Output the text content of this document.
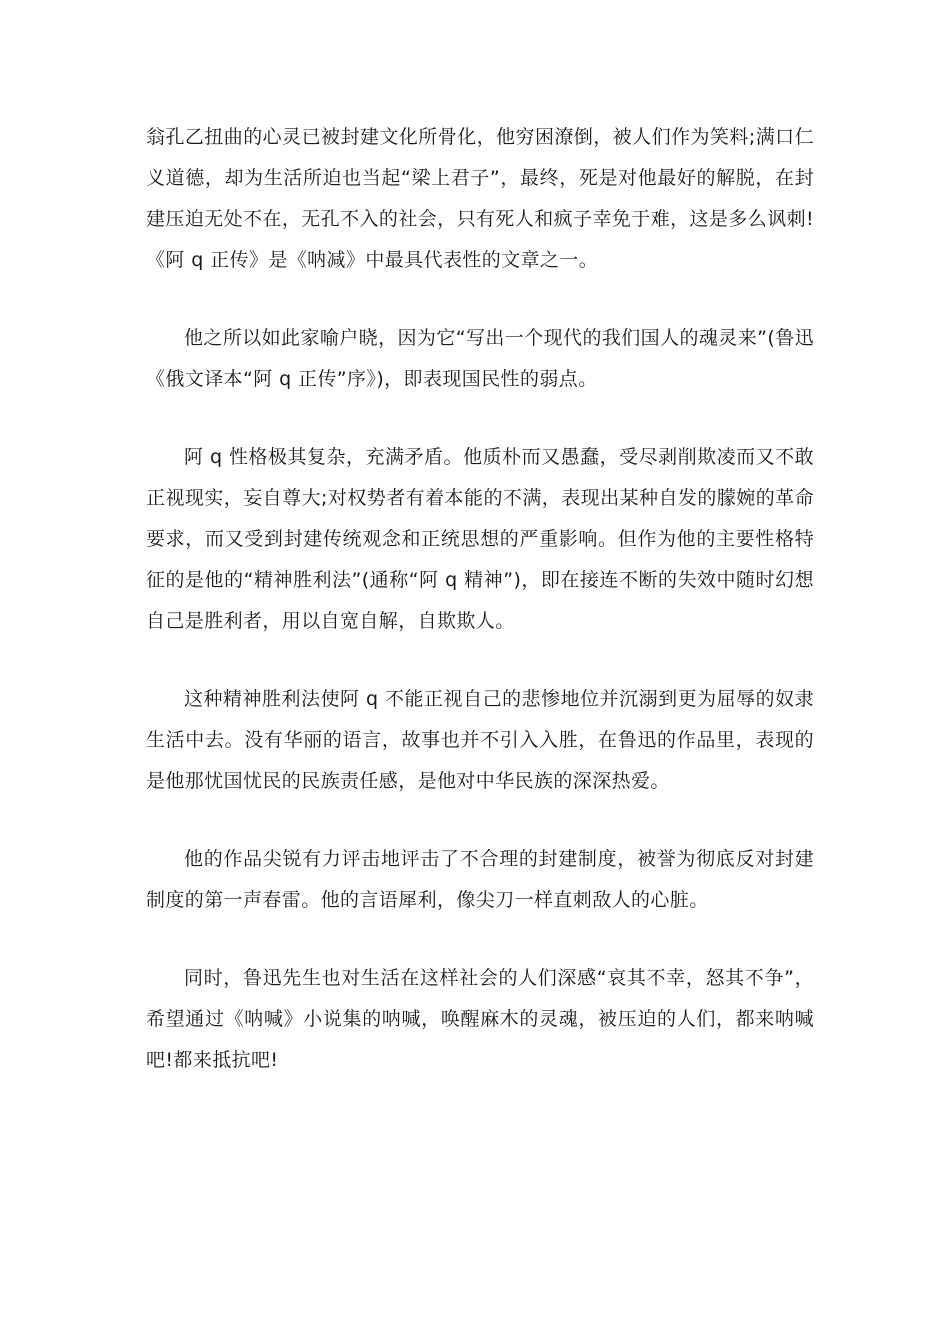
翁孔乙扭曲的心灵已被封建文化所骨化，他穷困潦倒，被人们作为笑料;满口仁义道德，却为生活所迫也当起“梁上君子”，最终，死是对他最好的解脱，在封建压迫无处不在，无孔不入的社会，只有死人和疯子幸免于难，这是多么讽刺!《阿 q 正传》是《呐减》中最具代表性的文章之一。

他之所以如此家喻户晓，因为它“写出一个现代的我们国人的魂灵来”(鲁迅《俄文译本“阿 q 正传”序》)，即表现国民性的弱点。

阿 q 性格极其复杂，充满矛盾。他质朴而又愚蠢，受尽剥削欺凌而又不敢正视现实，妄自尊大;对权势者有着本能的不满，表现出某种自发的朦婉的革命要求，而又受到封建传统观念和正统思想的严重影响。但作为他的主要性格特征的是他的“精神胜利法”(通称“阿 q 精神”)，即在接连不断的失效中随时幻想自己是胜利者，用以自宽自解，自欺欺人。

这种精神胜利法使阿 q 不能正视自己的悲惨地位并沉溺到更为屈辱的奴隶生活中去。没有华丽的语言，故事也并不引入入胜，在鲁迅的作品里，表现的是他那忧国忧民的民族责任感，是他对中华民族的深深热爱。

他的作品尖锐有力评击地评击了不合理的封建制度，被誉为彻底反对封建制度的第一声春雷。他的言语犀利，像尖刀一样直刺敌人的心脏。

同时，鲁迅先生也对生活在这样社会的人们深感“哀其不幸，怒其不争”，希望通过《呐喊》小说集的呐喊，唤醒麻木的灵魂，被压迫的人们，都来呐喊吧!都来抵抗吧!
